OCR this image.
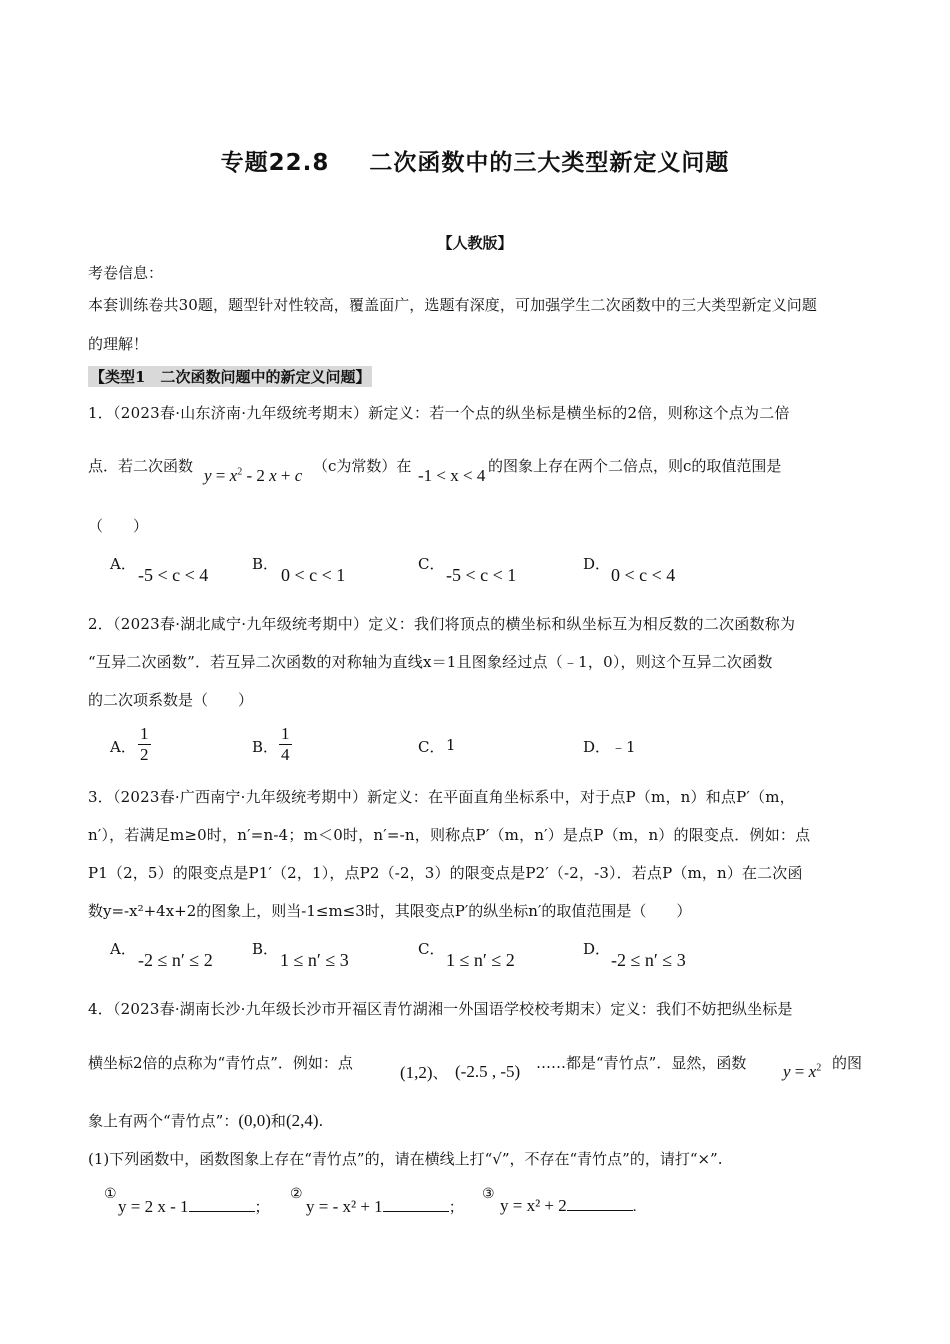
专题22.8 二次函数中的三大类型新定义问题
【人教版】
考卷信息：
本套训练卷共30题，题型针对性较高，覆盖面广，选题有深度，可加强学生二次函数中的三大类型新定义问题
的理解！
【类型1　二次函数问题中的新定义问题】
1．（2023春·山东济南·九年级统考期末）新定义：若一个点的纵坐标是横坐标的2倍，则称这个点为二倍
点．若二次函数 $y = x^2 - 2$ x + c （c为常数）在 -1 < x < 4 的图象上存在两个二倍点，则c的取值范围是
（　　）
A．
-5 < c < 4
B．
0 < c < 1
C．
-5 < c < 1
D．
0 < c < 4
2．（2023春·湖北咸宁·九年级统考期中）定义：我们将顶点的横坐标和纵坐标互为相反数的二次函数称为
“互异二次函数”．若互异二次函数的对称轴为直线x＝1且图象经过点（﹣1，0），则这个互异二次函数
的二次项系数是（　　）
A． $\frac{1}{2}$	B． $\frac{1}{4}$	C． 1	D． ﹣1
3．（2023春·广西南宁·九年级统考期中）新定义：在平面直角坐标系中，对于点P（m，n）和点P′（m，
n′），若满足m≥0时，n′=n-4；m＜0时，n′=-n，则称点P′（m，n′）是点P（m，n）的限变点．例如：点
P1（2，5）的限变点是P1′（2，1），点P2（-2，3）的限变点是P2′（-2，-3）．若点P（m，n）在二次函
数y=-x²+4x+2的图象上，则当-1≤m≤3时，其限变点P′的纵坐标n′的取值范围是（　　）
A．
-2 ≤ n′ ≤ 2
B．
1 ≤ n′ ≤ 3
C．
1 ≤ n′ ≤ 2
D．
-2 ≤ n′ ≤ 3
4．（2023春·湖南长沙·九年级长沙市开福区青竹湖湘一外国语学校校考期末）定义：我们不妨把纵坐标是
横坐标2倍的点称为“青竹点”．例如：点	(1,2)、 (-2.5 , -5) ……都是“青竹点”．显然，函数 $y = x^2$ 的图
象上有两个“青竹点”：(0,0)和(2,4).
(1)下列函数中，函数图象上存在“青竹点”的，请在横线上打“√”，不存在“青竹点”的，请打“×”.
①
y = 2 x - 1	；
②
y = - x² + 1	；
③
y = x² + 2	.
